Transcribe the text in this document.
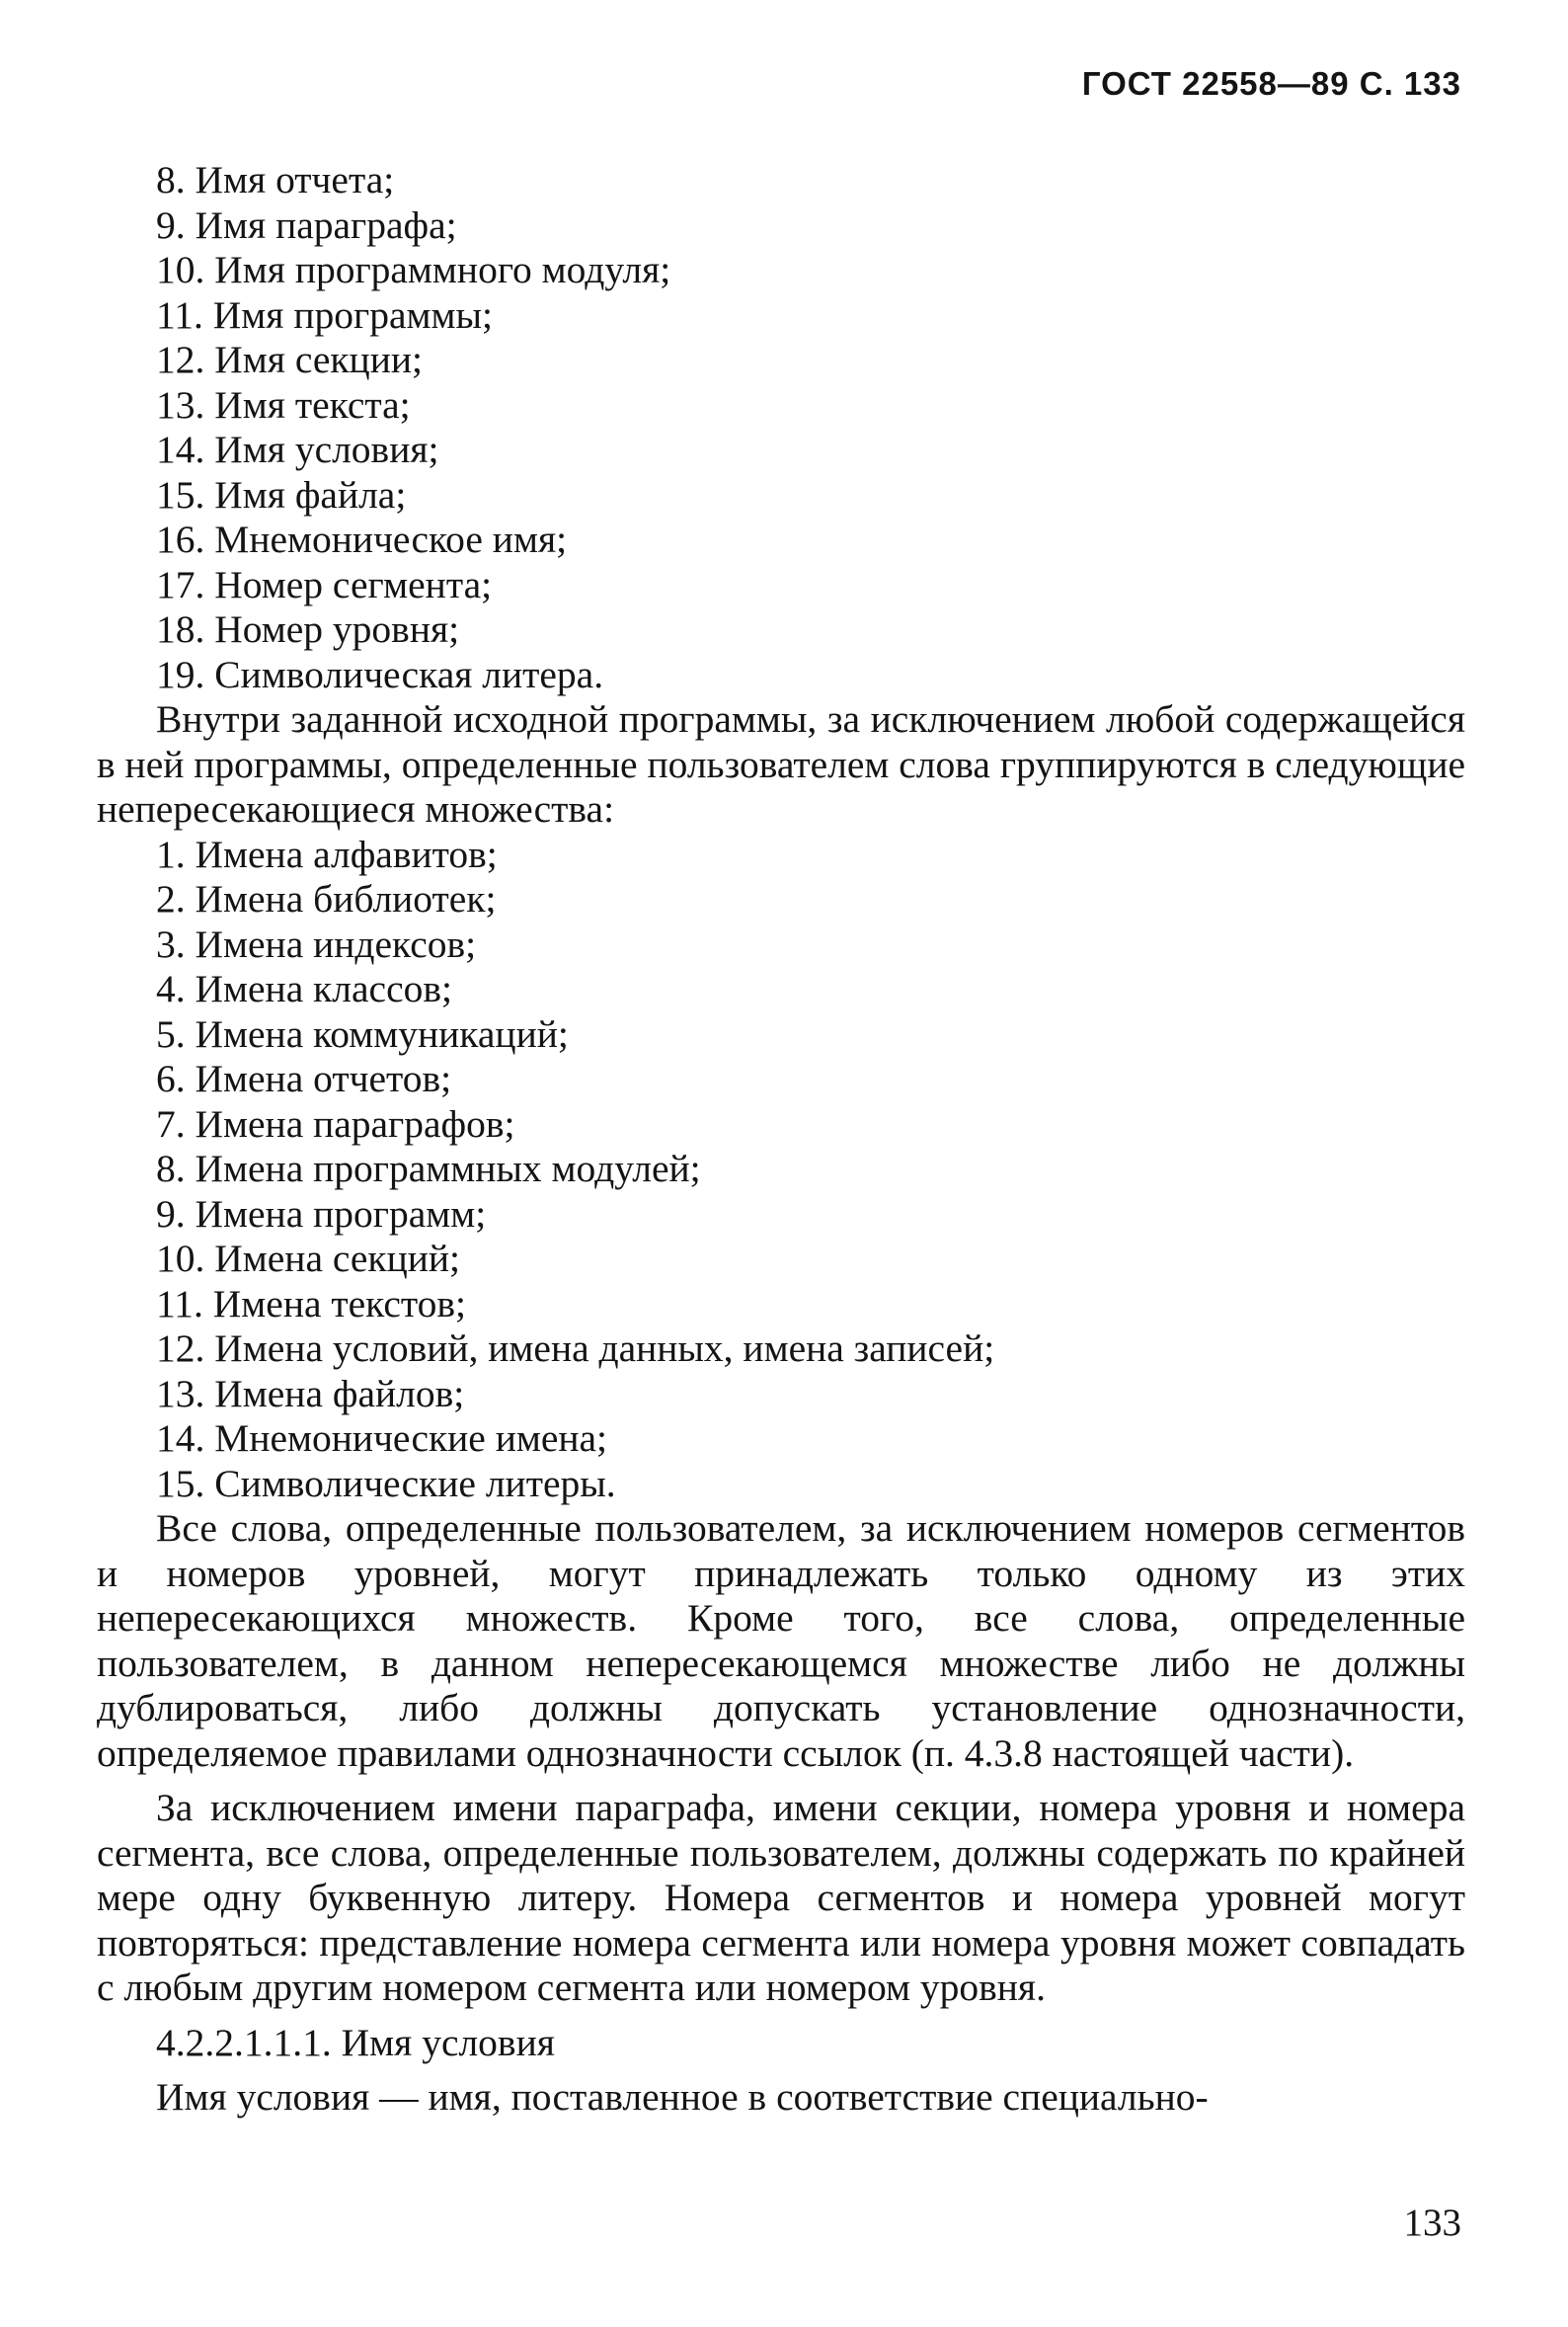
ГОСТ 22558—89 С. 133
8. Имя отчета;
9. Имя параграфа;
10. Имя программного модуля;
11. Имя программы;
12. Имя секции;
13. Имя текста;
14. Имя условия;
15. Имя файла;
16. Мнемоническое имя;
17. Номер сегмента;
18. Номер уровня;
19. Символическая литера.

Внутри заданной исходной программы, за исключением любой содержащейся в ней программы, определенные пользователем слова группируются в следующие непересекающиеся множества:

1. Имена алфавитов;
2. Имена библиотек;
3. Имена индексов;
4. Имена классов;
5. Имена коммуникаций;
6. Имена отчетов;
7. Имена параграфов;
8. Имена программных модулей;
9. Имена программ;
10. Имена секций;
11. Имена текстов;
12. Имена условий, имена данных, имена записей;
13. Имена файлов;
14. Мнемонические имена;
15. Символические литеры.

Все слова, определенные пользователем, за исключением номеров сегментов и номеров уровней, могут принадлежать только одному из этих непересекающихся множеств. Кроме того, все слова, определенные пользователем, в данном непересекающемся множестве либо не должны дублироваться, либо должны допускать установление однозначности, определяемое правилами однозначности ссылок (п. 4.3.8 настоящей части).

За исключением имени параграфа, имени секции, номера уровня и номера сегмента, все слова, определенные пользователем, должны содержать по крайней мере одну буквенную литеру. Номера сегментов и номера уровней могут повторяться: представление номера сегмента или номера уровня может совпадать с любым другим номером сегмента или номером уровня.

4.2.2.1.1.1. Имя условия

Имя условия — имя, поставленное в соответствие специально-

133
